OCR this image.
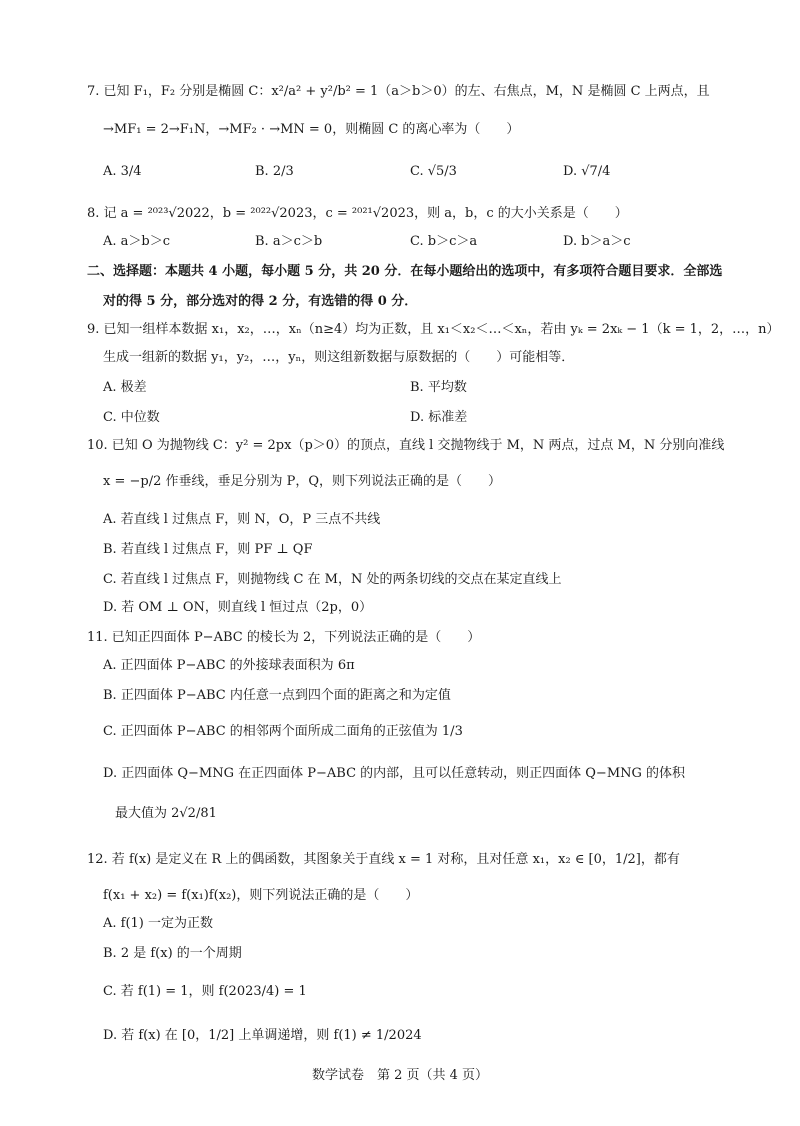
7. 已知 F₁，F₂ 分别是椭圆 C：x²/a² + y²/b² = 1（a＞b＞0）的左、右焦点，M，N 是椭圆 C 上两点，且
→MF₁ = 2→F₁N，→MF₂ · →MN = 0，则椭圆 C 的离心率为（　　）
A. 3/4	B. 2/3	C. √5/3	D. √7/4
8. 记 a = ²⁰²³√2022，b = ²⁰²²√2023，c = ²⁰²¹√2023，则 a，b，c 的大小关系是（　　）
A. a＞b＞c	B. a＞c＞b	C. b＞c＞a	D. b＞a＞c
二、选择题：本题共 4 小题，每小题 5 分，共 20 分．在每小题给出的选项中，有多项符合题目要求．全部选
对的得 5 分，部分选对的得 2 分，有选错的得 0 分．
9. 已知一组样本数据 x₁，x₂，…，xₙ（n≥4）均为正数，且 x₁＜x₂＜…＜xₙ，若由 yₖ = 2xₖ − 1（k = 1，2，…，n）
生成一组新的数据 y₁，y₂，…，yₙ，则这组新数据与原数据的（　　）可能相等．
A. 极差	B. 平均数
C. 中位数	D. 标准差
10. 已知 O 为抛物线 C：y² = 2px（p＞0）的顶点，直线 l 交抛物线于 M，N 两点，过点 M，N 分别向准线
x = −p/2 作垂线，垂足分别为 P，Q，则下列说法正确的是（　　）
A. 若直线 l 过焦点 F，则 N，O，P 三点不共线
B. 若直线 l 过焦点 F，则 PF ⊥ QF
C. 若直线 l 过焦点 F，则抛物线 C 在 M，N 处的两条切线的交点在某定直线上
D. 若 OM ⊥ ON，则直线 l 恒过点（2p，0）
11. 已知正四面体 P−ABC 的棱长为 2，下列说法正确的是（　　）
A. 正四面体 P−ABC 的外接球表面积为 6π
B. 正四面体 P−ABC 内任意一点到四个面的距离之和为定值
C. 正四面体 P−ABC 的相邻两个面所成二面角的正弦值为 1/3
D. 正四面体 Q−MNG 在正四面体 P−ABC 的内部，且可以任意转动，则正四面体 Q−MNG 的体积
最大值为 2√2/81
12. 若 f(x) 是定义在 R 上的偶函数，其图象关于直线 x = 1 对称，且对任意 x₁，x₂ ∈ [0，1/2]，都有
f(x₁ + x₂) = f(x₁)f(x₂)，则下列说法正确的是（　　）
A. f(1) 一定为正数
B. 2 是 f(x) 的一个周期
C. 若 f(1) = 1，则 f(2023/4) = 1
D. 若 f(x) 在 [0，1/2] 上单调递增，则 f(1) ≠ 1/2024
数学试卷　第 2 页（共 4 页）
